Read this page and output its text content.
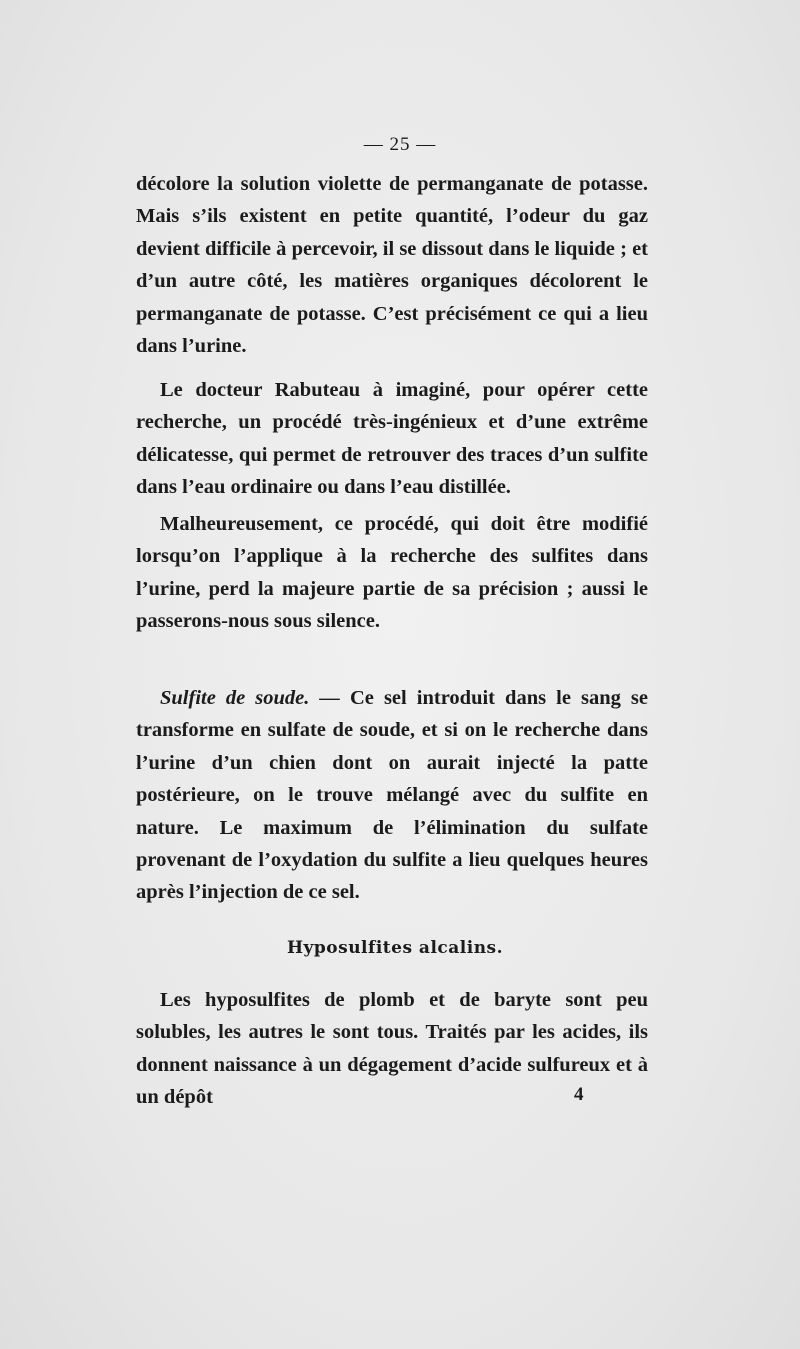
— 25 —

décolore la solution violette de permanganate de potasse. Mais s’ils existent en petite quantité, l’odeur du gaz devient difficile à percevoir, il se dissout dans le liquide ; et d’un autre côté, les matières organiques décolorent le permanganate de potasse. C’est précisément ce qui a lieu dans l’urine.

Le docteur Rabuteau à imaginé, pour opérer cette recherche, un procédé très-ingénieux et d’une extrême délicatesse, qui permet de retrouver des traces d’un sulfite dans l’eau ordinaire ou dans l’eau distillée.

Malheureusement, ce procédé, qui doit être modifié lorsqu’on l’applique à la recherche des sulfites dans l’urine, perd la majeure partie de sa précision ; aussi le passerons-nous sous silence.

Sulfite de soude. — Ce sel introduit dans le sang se transforme en sulfate de soude, et si on le recherche dans l’urine d’un chien dont on aurait injecté la patte postérieure, on le trouve mélangé avec du sulfite en nature. Le maximum de l’élimination du sulfate provenant de l’oxydation du sulfite a lieu quelques heures après l’injection de ce sel.

Hyposulfites alcalins.

Les hyposulfites de plomb et de baryte sont peu solubles, les autres le sont tous. Traités par les acides, ils donnent naissance à un dégagement d’acide sulfureux et à un dépôt	4
